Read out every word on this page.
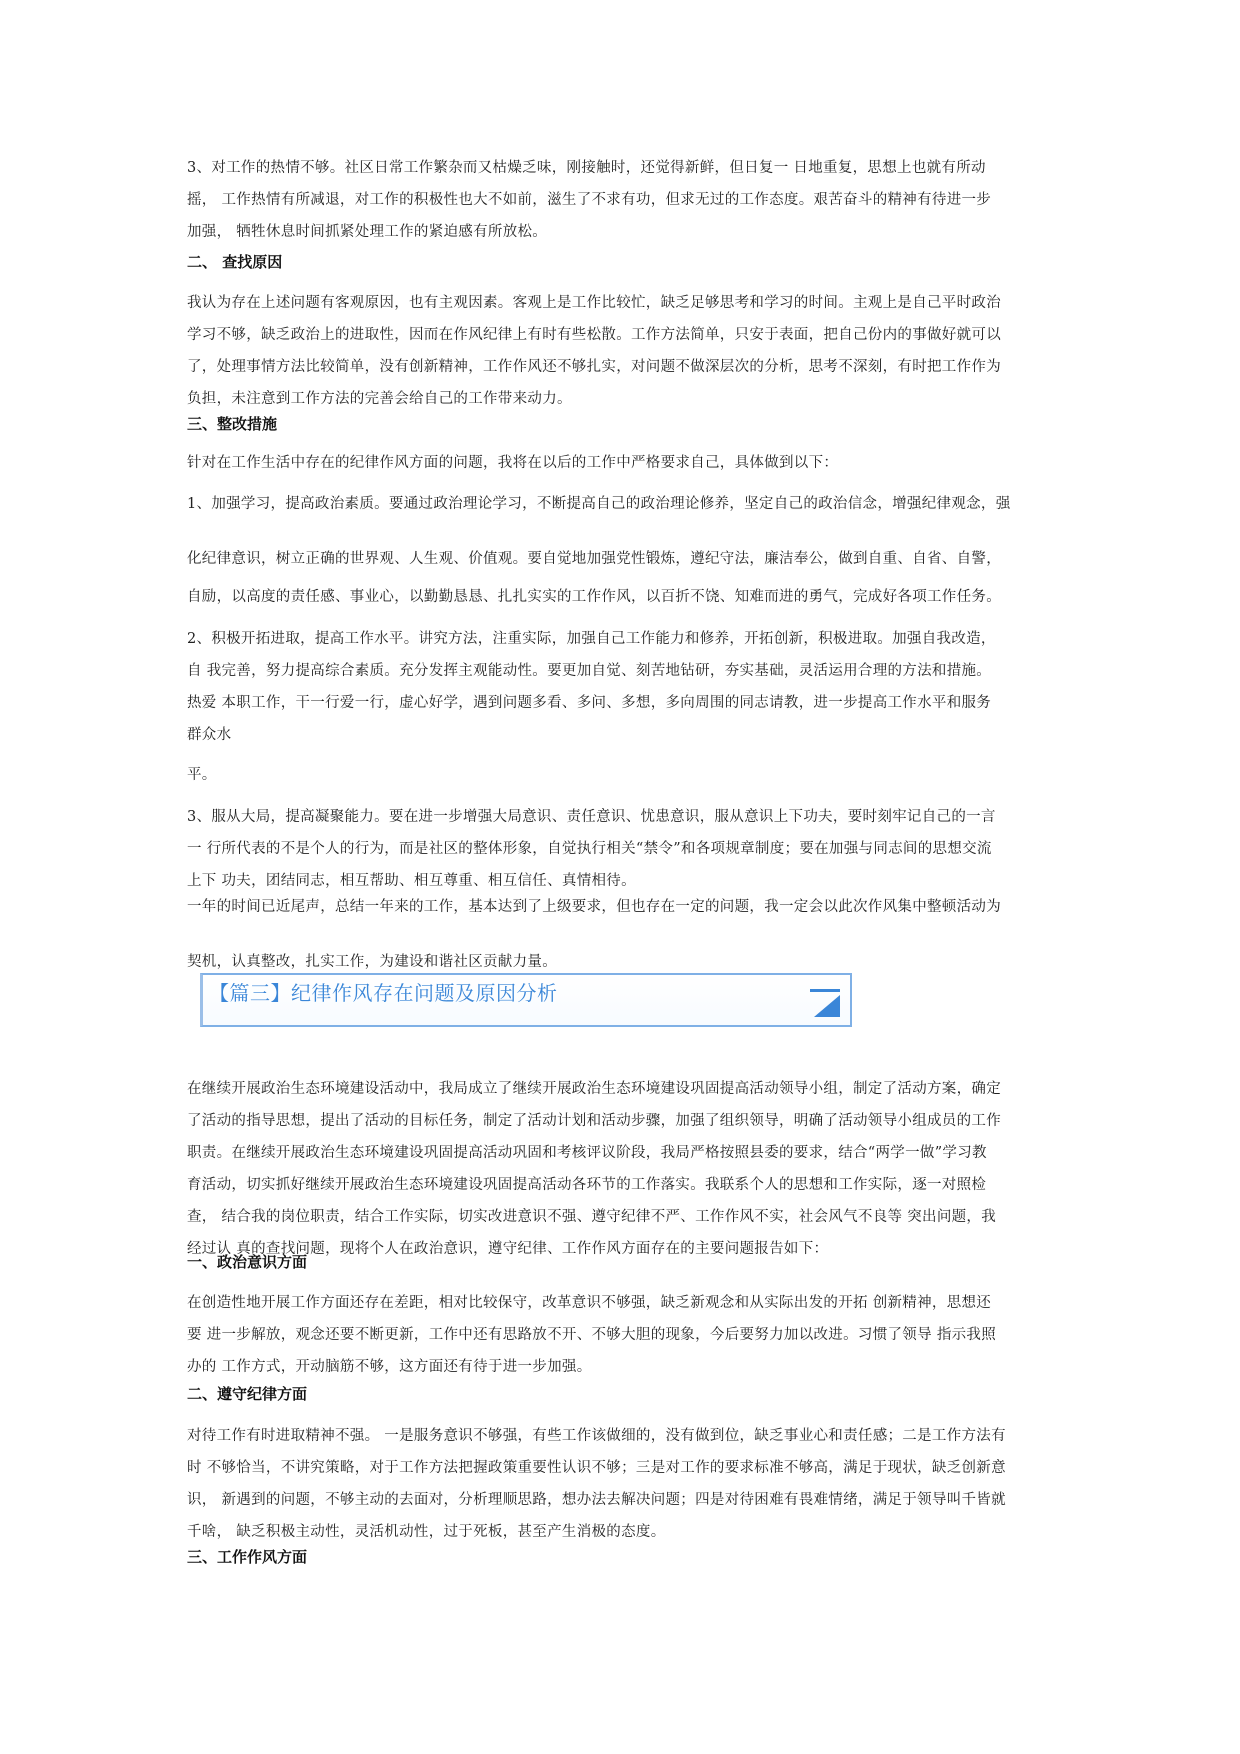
3、对工作的热情不够。社区日常工作繁杂而又枯燥乏味，刚接触时，还觉得新鲜，但日复一 日地重复，思想上也就有所动
摇， 工作热情有所减退，对工作的积极性也大不如前，滋生了不求有功，但求无过的工作态度。艰苦奋斗的精神有待进一步
加强， 牺牲休息时间抓紧处理工作的紧迫感有所放松。

二、 查找原因

我认为存在上述问题有客观原因，也有主观因素。客观上是工作比较忙，缺乏足够思考和学习的时间。主观上是自己平时政治
学习不够，缺乏政治上的进取性，因而在作风纪律上有时有些松散。工作方法简单，只安于表面，把自己份内的事做好就可以
了，处理事情方法比较简单，没有创新精神，工作作风还不够扎实，对问题不做深层次的分析，思考不深刻，有时把工作作为
负担，未注意到工作方法的完善会给自己的工作带来动力。

三、整改措施

针对在工作生活中存在的纪律作风方面的问题，我将在以后的工作中严格要求自己，具体做到以下：

1、加强学习，提高政治素质。要通过政治理论学习，不断提高自己的政治理论修养，坚定自己的政治信念，增强纪律观念，强

化纪律意识，树立正确的世界观、人生观、价值观。要自觉地加强党性锻炼，遵纪守法，廉洁奉公，做到自重、自省、自警，

自励，以高度的责任感、事业心，以勤勤恳恳、扎扎实实的工作作风，以百折不饶、知难而进的勇气，完成好各项工作任务。

2、积极开拓进取，提高工作水平。讲究方法，注重实际，加强自己工作能力和修养，开拓创新，积极进取。加强自我改造，
自 我完善，努力提高综合素质。充分发挥主观能动性。要更加自觉、刻苦地钻研，夯实基础，灵活运用合理的方法和措施。
热爱 本职工作，干一行爱一行，虚心好学，遇到问题多看、多问、多想，多向周围的同志请教，进一步提高工作水平和服务
群众水

平。

3、服从大局，提高凝聚能力。要在进一步增强大局意识、责任意识、忧患意识，服从意识上下功夫，要时刻牢记自己的一言
一 行所代表的不是个人的行为，而是社区的整体形象，自觉执行相关“禁令”和各项规章制度；要在加强与同志间的思想交流
上下 功夫，团结同志，相互帮助、相互尊重、相互信任、真情相待。

一年的时间已近尾声，总结一年来的工作，基本达到了上级要求，但也存在一定的问题，我一定会以此次作风集中整顿活动为

契机，认真整改，扎实工作，为建设和谐社区贡献力量。

【篇三】纪律作风存在问题及原因分析

在继续开展政治生态环境建设活动中，我局成立了继续开展政治生态环境建设巩固提高活动领导小组，制定了活动方案，确定
了活动的指导思想，提出了活动的目标任务，制定了活动计划和活动步骤，加强了组织领导，明确了活动领导小组成员的工作
职责。在继续开展政治生态环境建设巩固提高活动巩固和考核评议阶段，我局严格按照县委的要求，结合“两学一做”学习教
育活动，切实抓好继续开展政治生态环境建设巩固提高活动各环节的工作落实。我联系个人的思想和工作实际，逐一对照检
查， 结合我的岗位职责，结合工作实际，切实改进意识不强、遵守纪律不严、工作作风不实，社会风气不良等 突出问题，我
经过认 真的查找问题，现将个人在政治意识，遵守纪律、工作作风方面存在的主要问题报告如下：

一、政治意识方面

在创造性地开展工作方面还存在差距，相对比较保守，改革意识不够强，缺乏新观念和从实际出发的开拓 创新精神，思想还
要 进一步解放，观念还要不断更新，工作中还有思路放不开、不够大胆的现象，今后要努力加以改进。习惯了领导 指示我照
办的 工作方式，开动脑筋不够，这方面还有待于进一步加强。

二、遵守纪律方面

对待工作有时进取精神不强。 一是服务意识不够强，有些工作该做细的，没有做到位，缺乏事业心和责任感；二是工作方法有
时 不够恰当，不讲究策略，对于工作方法把握政策重要性认识不够；三是对工作的要求标准不够高，满足于现状，缺乏创新意
识， 新遇到的问题，不够主动的去面对，分析理顺思路，想办法去解决问题；四是对待困难有畏难情绪，满足于领导叫千皆就
千啥， 缺乏积极主动性，灵活机动性，过于死板，甚至产生消极的态度。

三、工作作风方面
